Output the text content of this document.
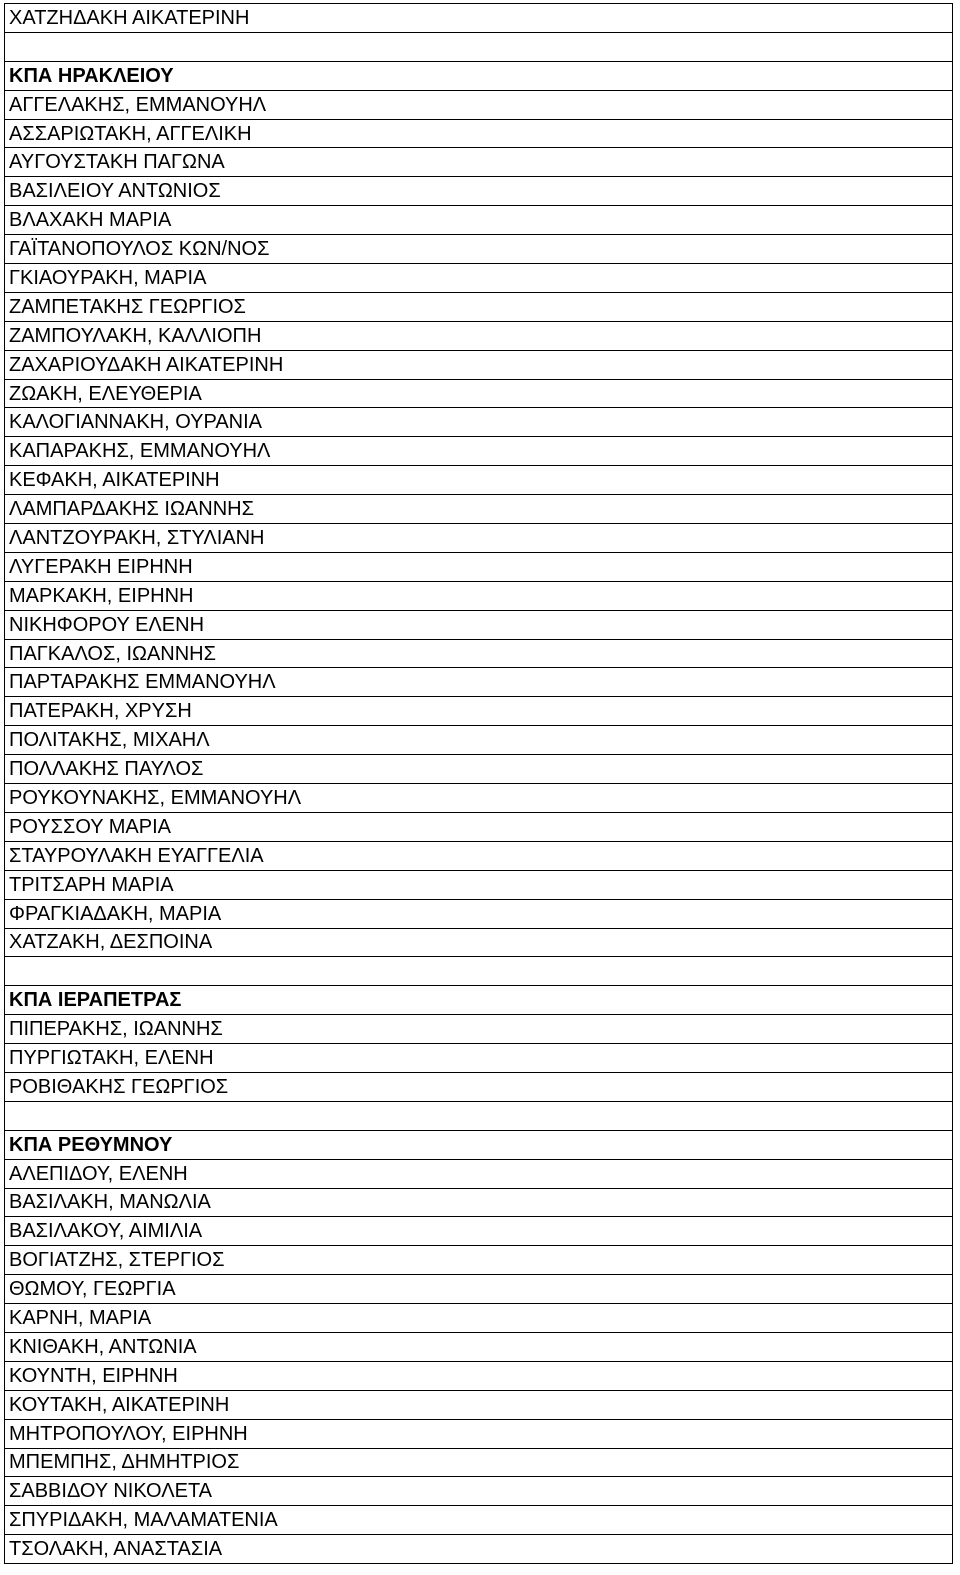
ΧΑΤΖΗΔΑΚΗ ΑΙΚΑΤΕΡΙΝΗ

ΚΠΑ ΗΡΑΚΛΕΙΟΥ
ΑΓΓΕΛΑΚΗΣ, ΕΜΜΑΝΟΥΗΛ
ΑΣΣΑΡΙΩΤΑΚΗ, ΑΓΓΕΛΙΚΗ
ΑΥΓΟΥΣΤΑΚΗ ΠΑΓΩΝΑ
ΒΑΣΙΛΕΙΟΥ ΑΝΤΩΝΙΟΣ
ΒΛΑΧΑΚΗ ΜΑΡΙΑ
ΓΑΪΤΑΝΟΠΟΥΛΟΣ ΚΩΝ/ΝΟΣ
ΓΚΙΑΟΥΡΑΚΗ, ΜΑΡΙΑ
ΖΑΜΠΕΤΑΚΗΣ ΓΕΩΡΓΙΟΣ
ΖΑΜΠΟΥΛΑΚΗ, ΚΑΛΛΙΟΠΗ
ΖΑΧΑΡΙΟΥΔΑΚΗ ΑΙΚΑΤΕΡΙΝΗ
ΖΩΑΚΗ, ΕΛΕΥΘΕΡΙΑ
ΚΑΛΟΓΙΑΝΝΑΚΗ, ΟΥΡΑΝΙΑ
ΚΑΠΑΡΑΚΗΣ, ΕΜΜΑΝΟΥΗΛ
ΚΕΦΑΚΗ, ΑΙΚΑΤΕΡΙΝΗ
ΛΑΜΠΑΡΔΑΚΗΣ ΙΩΑΝΝΗΣ
ΛΑΝΤΖΟΥΡΑΚΗ, ΣΤΥΛΙΑΝΗ
ΛΥΓΕΡΑΚΗ ΕΙΡΗΝΗ
ΜΑΡΚΑΚΗ, ΕΙΡΗΝΗ
ΝΙΚΗΦΟΡΟΥ ΕΛΕΝΗ
ΠΑΓΚΑΛΟΣ, ΙΩΑΝΝΗΣ
ΠΑΡΤΑΡΑΚΗΣ ΕΜΜΑΝΟΥΗΛ
ΠΑΤΕΡΑΚΗ, ΧΡΥΣΗ
ΠΟΛΙΤΑΚΗΣ, ΜΙΧΑΗΛ
ΠΟΛΛΑΚΗΣ ΠΑΥΛΟΣ
ΡΟΥΚΟΥΝΑΚΗΣ, ΕΜΜΑΝΟΥΗΛ
ΡΟΥΣΣΟΥ ΜΑΡΙΑ
ΣΤΑΥΡΟΥΛΑΚΗ ΕΥΑΓΓΕΛΙΑ
ΤΡΙΤΣΑΡΗ ΜΑΡΙΑ
ΦΡΑΓΚΙΑΔΑΚΗ, ΜΑΡΙΑ
ΧΑΤΖΑΚΗ, ΔΕΣΠΟΙΝΑ

ΚΠΑ ΙΕΡΑΠΕΤΡΑΣ
ΠΙΠΕΡΑΚΗΣ, ΙΩΑΝΝΗΣ
ΠΥΡΓΙΩΤΑΚΗ, ΕΛΕΝΗ
ΡΟΒΙΘΑΚΗΣ ΓΕΩΡΓΙΟΣ

ΚΠΑ ΡΕΘΥΜΝΟΥ
ΑΛΕΠΙΔΟΥ, ΕΛΕΝΗ
ΒΑΣΙΛΑΚΗ, ΜΑΝΩΛΙΑ
ΒΑΣΙΛΑΚΟΥ, ΑΙΜΙΛΙΑ
ΒΟΓΙΑΤΖΗΣ, ΣΤΕΡΓΙΟΣ
ΘΩΜΟΥ, ΓΕΩΡΓΙΑ
ΚΑΡΝΗ, ΜΑΡΙΑ
ΚΝΙΘΑΚΗ, ΑΝΤΩΝΙΑ
ΚΟΥΝΤΗ, ΕΙΡΗΝΗ
ΚΟΥΤΑΚΗ, ΑΙΚΑΤΕΡΙΝΗ
ΜΗΤΡΟΠΟΥΛΟΥ, ΕΙΡΗΝΗ
ΜΠΕΜΠΗΣ, ΔΗΜΗΤΡΙΟΣ
ΣΑΒΒΙΔΟΥ ΝΙΚΟΛΕΤΑ
ΣΠΥΡΙΔΑΚΗ, ΜΑΛΑΜΑΤΕΝΙΑ
ΤΣΟΛΑΚΗ, ΑΝΑΣΤΑΣΙΑ
